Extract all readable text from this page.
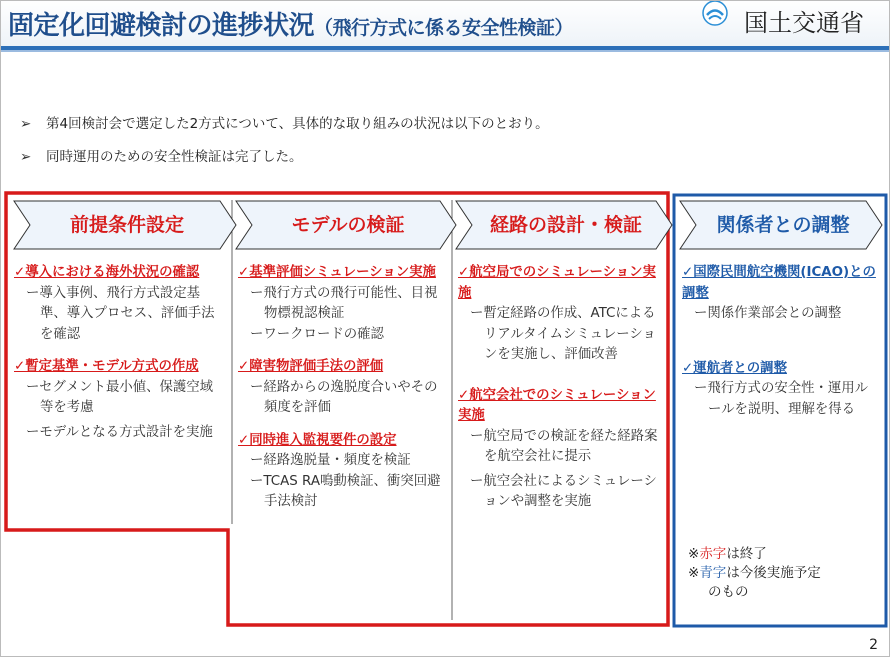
固定化回避検討の進捗状況（飛行方式に係る安全性検証）	国土交通省
➢ 第4回検討会で選定した2方式について、具体的な取り組みの状況は以下のとおり。
➢ 同時運用のための安全性検証は完了した。
前提条件設定	モデルの検証	経路の設計・検証	関係者との調整
✓導入における海外状況の確認
ー導入事例、飛行方式設定基準、導入プロセス、評価手法を確認
✓暫定基準・モデル方式の作成
ーセグメント最小値、保護空域等を考慮
ーモデルとなる方式設計を実施
✓基準評価シミュレーション実施
ー飛行方式の飛行可能性、目視物標視認検証
ーワークロードの確認
✓障害物評価手法の評価
ー経路からの逸脱度合いやその頻度を評価
✓同時進入監視要件の設定
ー経路逸脱量・頻度を検証
ーTCAS RA鳴動検証、衝突回避手法検討
✓航空局でのシミュレーション実施
ー暫定経路の作成、ATCによるリアルタイムシミュレーションを実施し、評価改善
✓航空会社でのシミュレーション実施
ー航空局での検証を経た経路案を航空会社に提示
ー航空会社によるシミュレーションや調整を実施
✓国際民間航空機関(ICAO)との調整
ー関係作業部会との調整
✓運航者との調整
ー飛行方式の安全性・運用ルールを説明、理解を得る
※赤字は終了
※青字は今後実施予定
のもの
2
